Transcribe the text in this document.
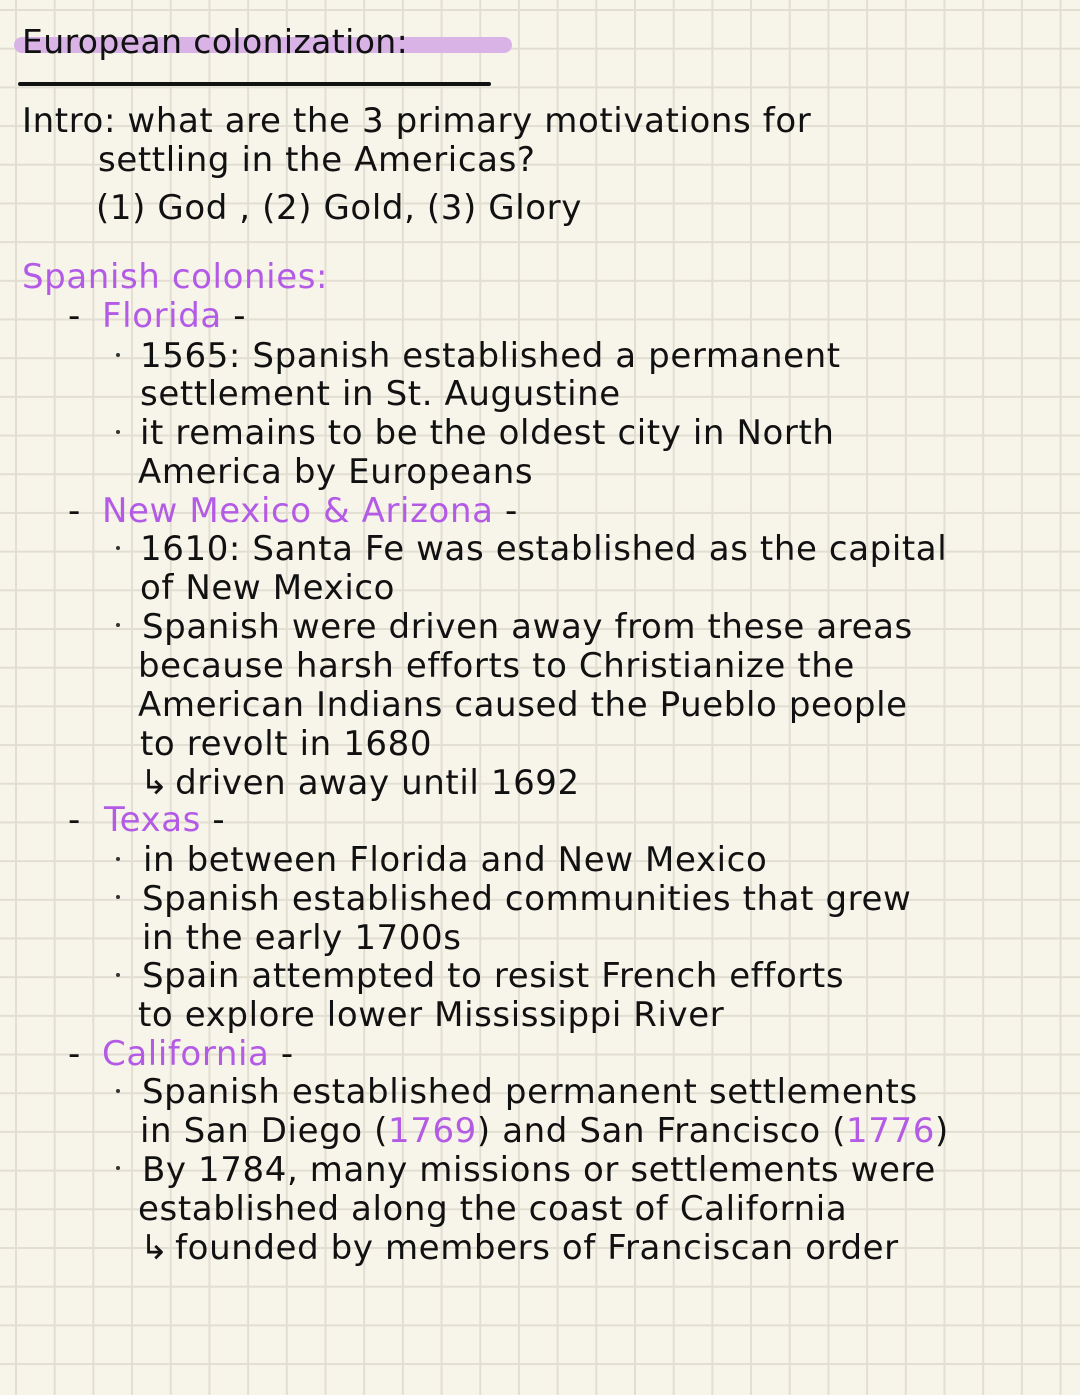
European colonization:
Intro: what are the 3 primary motivations for
settling in the Americas?
(1) God , (2) Gold, (3) Glory
Spanish colonies:
- Florida -
1565: Spanish established a permanent
settlement in St. Augustine
it remains to be the oldest city in North
America by Europeans
- New Mexico & Arizona -
1610: Santa Fe was established as the capital
of New Mexico
Spanish were driven away from these areas
because harsh efforts to Christianize the
American Indians caused the Pueblo people
to revolt in 1680
↳ driven away until 1692
- Texas -
in between Florida and New Mexico
Spanish established communities that grew
in the early 1700s
Spain attempted to resist French efforts
to explore lower Mississippi River
- California -
Spanish established permanent settlements
in San Diego (1769) and San Francisco (1776)
By 1784, many missions or settlements were
established along the coast of California
↳ founded by members of Franciscan order
